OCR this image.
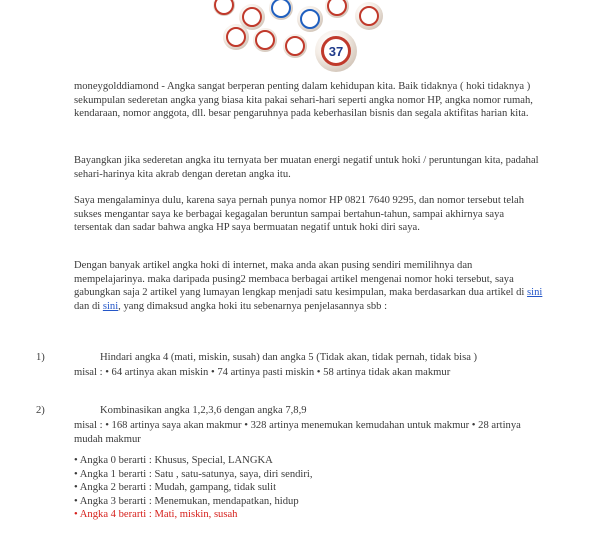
37

moneygolddiamond - Angka sangat berperan penting dalam kehidupan kita. Baik tidaknya ( hoki tidaknya ) sekumpulan sederetan angka yang biasa kita pakai sehari-hari seperti angka nomor HP, angka nomor rumah, kendaraan, nomor anggota, dll. besar pengaruhnya pada keberhasilan bisnis dan segala aktifitas harian kita.

Bayangkan jika sederetan angka itu ternyata ber muatan energi negatif untuk hoki / peruntungan kita, padahal sehari-harinya kita akrab dengan deretan angka itu.

Saya mengalaminya dulu, karena saya pernah punya nomor HP 0821 7640 9295, dan nomor tersebut telah sukses mengantar saya ke berbagai kegagalan beruntun sampai bertahun-tahun, sampai akhirnya saya tersentak dan sadar bahwa angka HP saya bermuatan negatif untuk hoki diri saya.

Dengan banyak artikel angka hoki di internet, maka anda akan pusing sendiri memilihnya dan mempelajarinya. maka daripada pusing2 membaca berbagai artikel mengenai nomor hoki tersebut, saya gabungkan saja 2 artikel yang lumayan lengkap menjadi satu kesimpulan, maka berdasarkan dua artikel di sini dan di sini, yang dimaksud angka hoki itu sebenarnya penjelasannya sbb :

1)	Hindari angka 4 (mati, miskin, susah) dan angka 5 (Tidak akan, tidak pernah, tidak bisa )
misal : • 64 artinya akan miskin • 74 artinya pasti miskin • 58 artinya tidak akan makmur
2)	Kombinasikan angka 1,2,3,6 dengan angka 7,8,9
misal : • 168 artinya saya akan makmur • 328 artinya menemukan kemudahan untuk makmur • 28 artinya mudah makmur
• Angka 0 berarti : Khusus, Special, LANGKA
• Angka 1 berarti : Satu , satu-satunya, saya, diri sendiri,
• Angka 2 berarti : Mudah, gampang, tidak sulit
• Angka 3 berarti : Menemukan, mendapatkan, hidup
• Angka 4 berarti : Mati, miskin, susah
